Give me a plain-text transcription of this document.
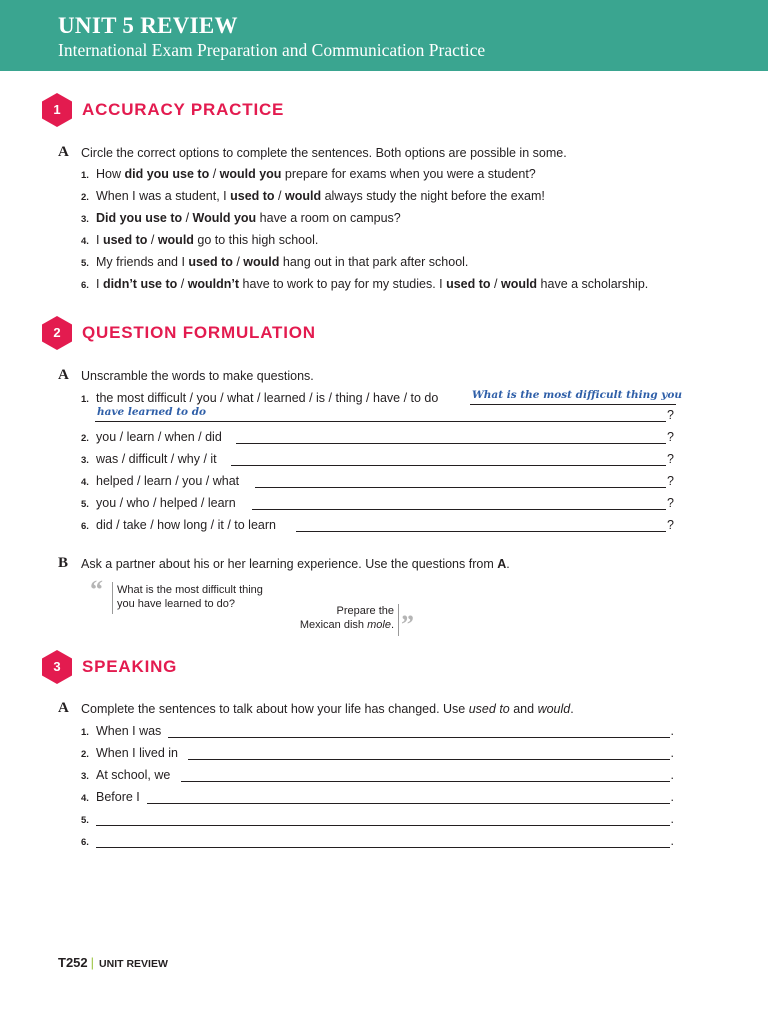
UNIT 5 REVIEW
International Exam Preparation and Communication Practice
1	ACCURACY PRACTICE
A Circle the correct options to complete the sentences. Both options are possible in some.
1. How did you use to / would you prepare for exams when you were a student?
2. When I was a student, I used to / would always study the night before the exam!
3. Did you use to / Would you have a room on campus?
4. I used to / would go to this high school.
5. My friends and I used to / would hang out in that park after school.
6. I didn’t use to / wouldn’t have to work to pay for my studies. I used to / would have a scholarship.
2	QUESTION FORMULATION
A Unscramble the words to make questions.
1. the most difficult / you / what / learned / is / thing / have / to do	What is the most difficult thing you
have learned to do	?
2. you / learn / when / did	?
3. was / difficult / why / it	?
4. helped / learn / you / what	?
5. you / who / helped / learn	?
6. did / take / how long / it / to learn	?
B Ask a partner about his or her learning experience. Use the questions from A.
“ What is the most difficult thing
you have learned to do?
Prepare the
Mexican dish mole. ”
3	SPEAKING
A Complete the sentences to talk about how your life has changed. Use used to and would.
1. When I was	.
2. When I lived in	.
3. At school, we	.
4. Before I	.
5.	.
6.	.
T252 | UNIT REVIEW
